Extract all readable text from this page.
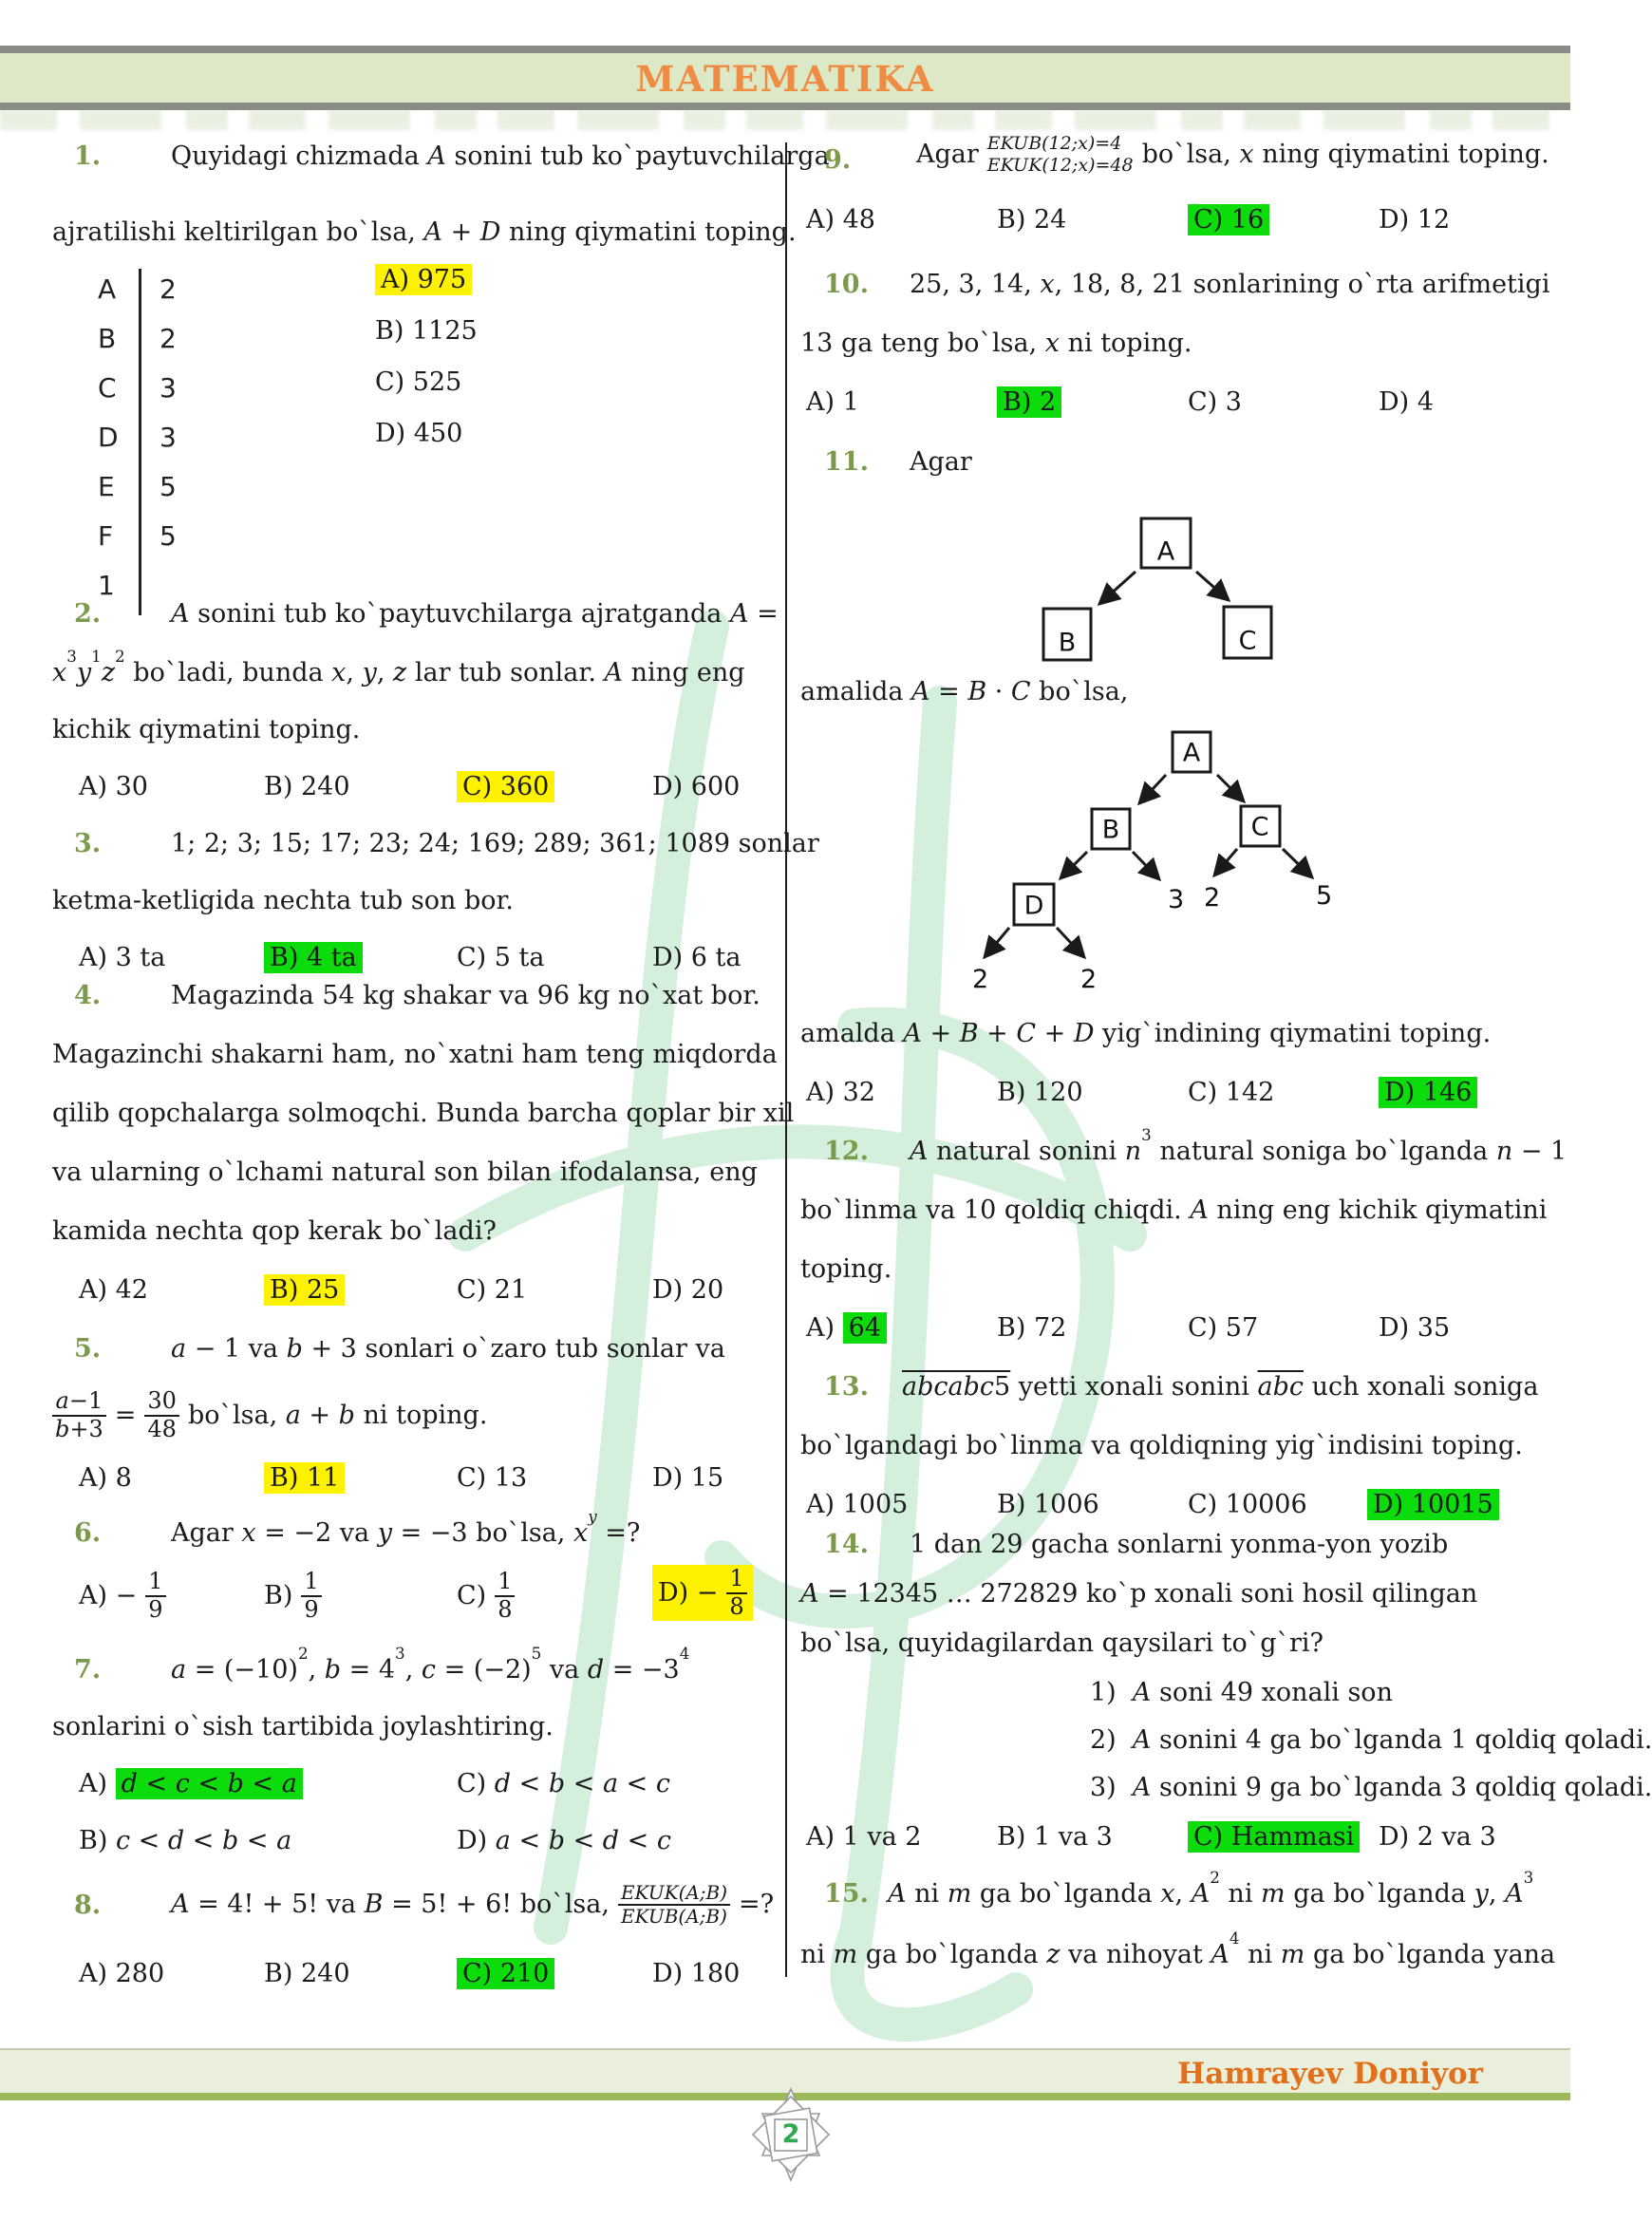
MATEMATIKA
1.	Quyidagi chizmada A sonini tub ko`paytuvchilarga
ajratilishi keltirilgan bo`lsa, A + D ning qiymatini toping.
A 2
B 2
C 3
D 3
E 5
F 5
1
A) 975
B) 1125
C) 525
D) 450
2.	A sonini tub ko`paytuvchilarga ajratganda A =
$x^3y^1z^2$ bo`ladi, bunda x, y, z lar tub sonlar. A ning eng
kichik qiymatini toping.
A) 30	B) 240	C) 360	D) 600
3.	1; 2; 3; 15; 17; 23; 24; 169; 289; 361; 1089 sonlar
ketma-ketligida nechta tub son bor.
A) 3 ta	B) 4 ta	C) 5 ta	D) 6 ta
4.	Magazinda 54 kg shakar va 96 kg no`xat bor.
Magazinchi shakarni ham, no`xatni ham teng miqdorda
qilib qopchalarga solmoqchi. Bunda barcha qoplar bir xil
va ularning o`lchami natural son bilan ifodalansa, eng
kamida nechta qop kerak bo`ladi?
A) 42	B) 25	C) 21	D) 20
5.	a − 1 va b + 3 sonlari o`zaro tub sonlar va
$\frac{a-1}{b+3} = \frac{30}{48}$ bo`lsa, a + b ni toping.
A) 8	B) 11	C) 13	D) 15
6.	Agar x = −2 va y = −3 bo`lsa, $x^y$ =?
$A) - \frac{1}{9}$	$B) \frac{1}{9}$	$C) \frac{1}{8}$	$D) - \frac{1}{8}$
7.	$a = (-10)^2$, $b = 4^3$, $c = (-2)^5$ va $d = -3^4$
sonlarini o`sish tartibida joylashtiring.
A) d < c < b < a	C) d < b < a < c
B) c < d < b < a	D) a < b < d < c
8.	A = 4! + 5! va B = 5! + 6! bo`lsa, $\frac{\text{EKUK(A;B)}}{\text{EKUB(A;B)}}$ =?
A) 280	B) 240	C) 210	D) 180
9.	Agar EKUB(12;x)=4
EKUK(12;x)=48 bo`lsa, x ning qiymatini toping.
A) 48	B) 24	C) 16	D) 12
10. 25, 3, 14, x, 18, 8, 21 sonlarining o`rta arifmetigi
13 ga teng bo`lsa, x ni toping.
A) 1	B) 2	C) 3	D) 4
11. Agar
A
B	C
amalida A = B · C bo`lsa,
A
B	C
D	3 2	5
2	2
amalda A + B + C + D yig`indining qiymatini toping.
A) 32	B) 120	C) 142	D) 146
12. A natural sonini $n^3$ natural soniga bo`lganda n − 1
bo`linma va 10 qoldiq chiqdi. A ning eng kichik qiymatini
toping.
A) 64	B) 72	C) 57	D) 35
13. abcabc5 yetti xonali sonini $\overline{abc}$ uch xonali soniga
bo`lgandagi bo`linma va qoldiqning yig`indisini toping.
A) 1005	B) 1006	C) 10006	D) 10015
14. 1 dan 29 gacha sonlarni yonma-yon yozib
A = 12345 … 272829 ko`p xonali soni hosil qilingan
bo`lsa, quyidagilardan qaysilari to`g`ri?
1)  A soni 49 xonali son
2)  A sonini 4 ga bo`lganda 1 qoldiq qoladi.
3)  A sonini 9 ga bo`lganda 3 qoldiq qoladi.
A) 1 va 2	B) 1 va 3	C) Hammasi D) 2 va 3
15. A ni m ga bo`lganda x, $A^2$ ni m ga bo`lganda y, $A^3$
ni m ga bo`lganda z va nihoyat $A^4$ ni m ga bo`lganda yana
Hamrayev Doniyor
2
